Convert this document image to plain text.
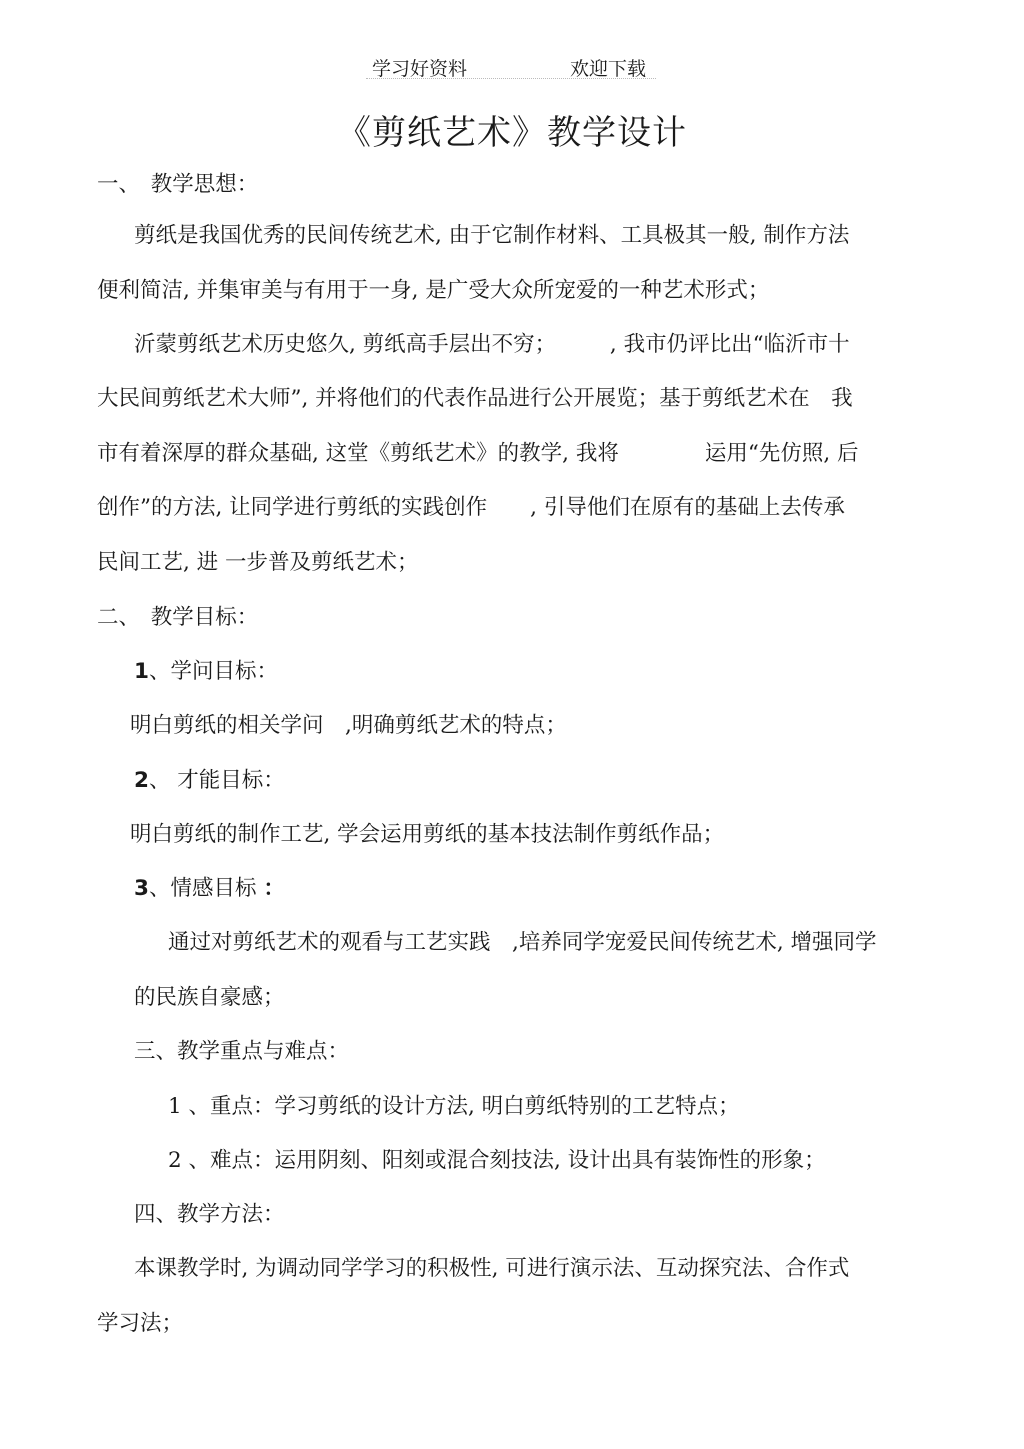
学习好资料	欢迎下载
《剪纸艺术》教学设计
一、　教学思想：
剪纸是我国优秀的民间传统艺术, 由于它制作材料、工具极其一般, 制作方法
便利简洁, 并集审美与有用于一身, 是广受大众所宠爱的一种艺术形式；
沂蒙剪纸艺术历史悠久, 剪纸高手层出不穷；　　　, 我市仍评比出“临沂市十
大民间剪纸艺术大师”, 并将他们的代表作品进行公开展览；基于剪纸艺术在　我
市有着深厚的群众基础, 这堂《剪纸艺术》的教学, 我将　　　　运用“先仿照, 后
创作”的方法, 让同学进行剪纸的实践创作　　, 引导他们在原有的基础上去传承
民间工艺, 进 一步普及剪纸艺术；
二、　教学目标：
1、学问目标：
明白剪纸的相关学问　,明确剪纸艺术的特点；
2、 才能目标：
明白剪纸的制作工艺, 学会运用剪纸的基本技法制作剪纸作品；
3、情感目标 ：
通过对剪纸艺术的观看与工艺实践　,培养同学宠爱民间传统艺术, 增强同学
的民族自豪感；
三、教学重点与难点：
1 、重点：学习剪纸的设计方法, 明白剪纸特别的工艺特点；
2 、难点：运用阴刻、阳刻或混合刻技法, 设计出具有装饰性的形象；
四、教学方法：
本课教学时, 为调动同学学习的积极性, 可进行演示法、互动探究法、合作式
学习法；
